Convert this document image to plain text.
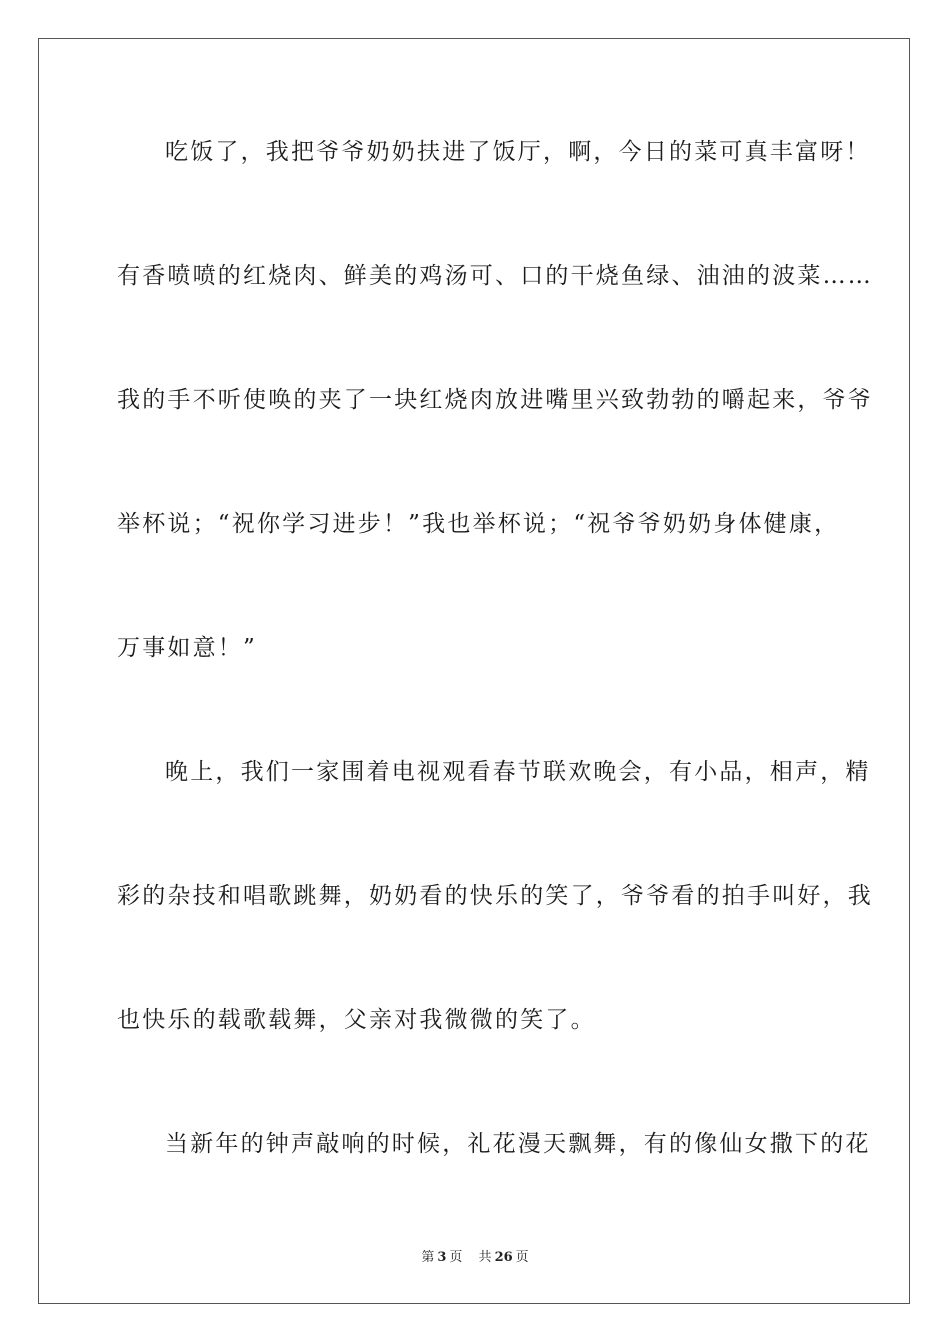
吃饭了，我把爷爷奶奶扶进了饭厅，啊，今日的菜可真丰富呀！
有香喷喷的红烧肉、鲜美的鸡汤可、口的干烧鱼绿、油油的波菜……
我的手不听使唤的夹了一块红烧肉放进嘴里兴致勃勃的嚼起来，爷爷
举杯说；“祝你学习进步！”我也举杯说；“祝爷爷奶奶身体健康，
万事如意！”
晚上，我们一家围着电视观看春节联欢晚会，有小品，相声，精
彩的杂技和唱歌跳舞，奶奶看的快乐的笑了，爷爷看的拍手叫好，我
也快乐的载歌载舞，父亲对我微微的笑了。
当新年的钟声敲响的时候，礼花漫天飘舞，有的像仙女撒下的花
第 3 页 共 26 页
